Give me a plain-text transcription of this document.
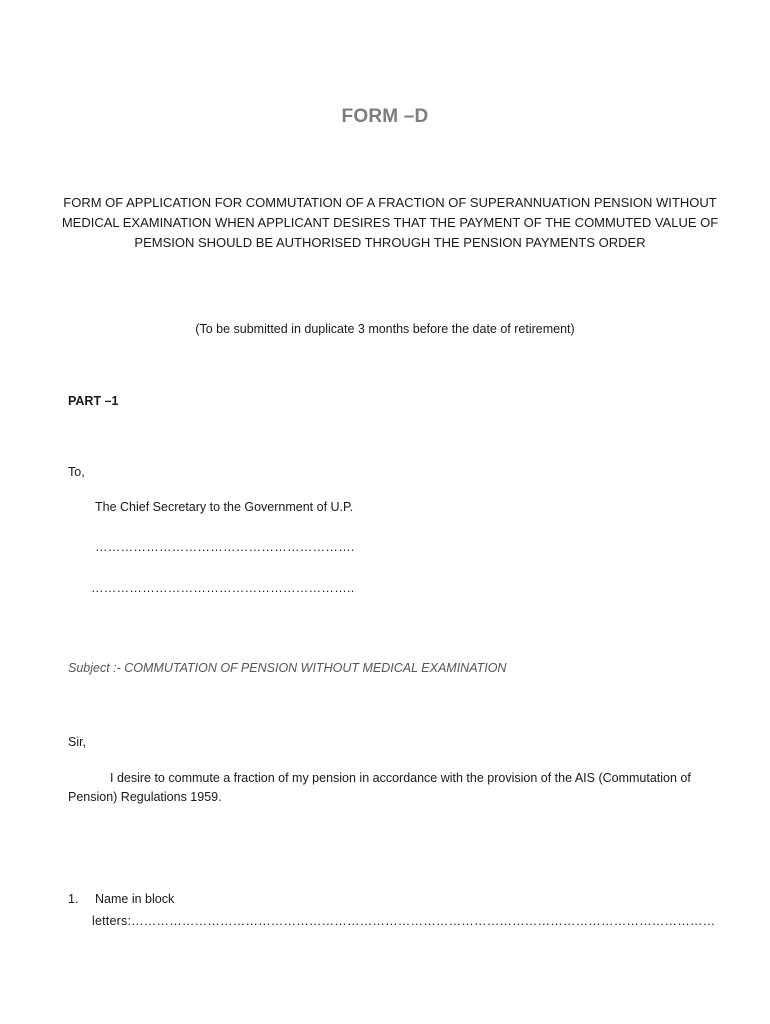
FORM –D

FORM OF APPLICATION FOR COMMUTATION OF A FRACTION OF SUPERANNUATION PENSION WITHOUT MEDICAL EXAMINATION WHEN APPLICANT DESIRES THAT THE PAYMENT OF THE COMMUTED VALUE OF PEMSION SHOULD BE AUTHORISED THROUGH THE PENSION PAYMENTS ORDER

(To be submitted in duplicate 3 months before the date of retirement)

PART –1

To,

The Chief Secretary to the Government of U.P.

…………………………………………………….

……………………………………………………..

Subject :- COMMUTATION OF PENSION WITHOUT MEDICAL EXAMINATION

Sir,

I desire to commute a fraction of my pension in accordance with the provision of the AIS (Commutation of Pension) Regulations 1959.

1. Name in block

letters:…………………………………………………………………………………………………………………………
